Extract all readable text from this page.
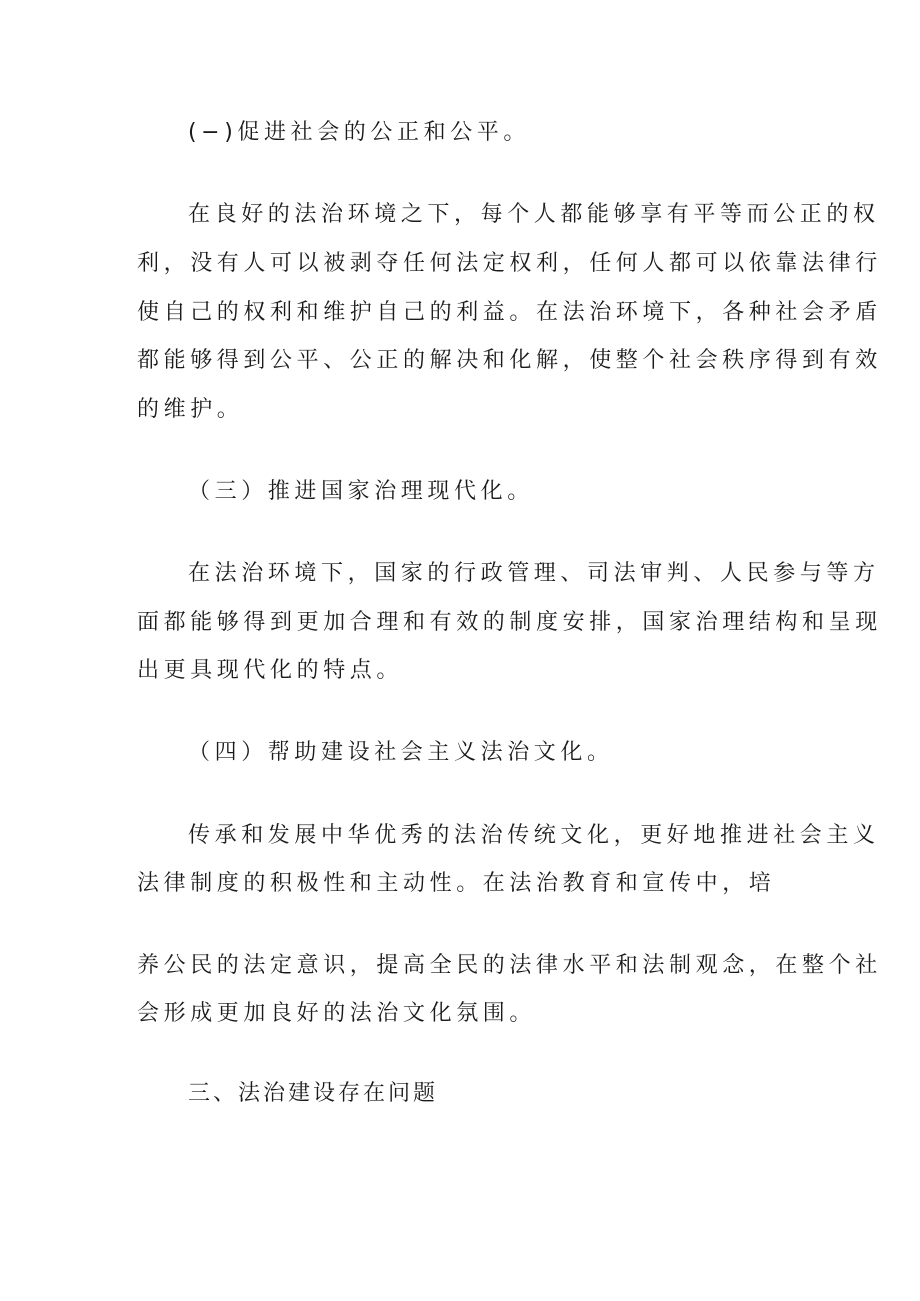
(−)促进社会的公正和公平。
在良好的法治环境之下，每个人都能够享有平等而公正的权
利，没有人可以被剥夺任何法定权利，任何人都可以依靠法律行
使自己的权利和维护自己的利益。在法治环境下，各种社会矛盾
都能够得到公平、公正的解决和化解，使整个社会秩序得到有效
的维护。
（三）推进国家治理现代化。
在法治环境下，国家的行政管理、司法审判、人民参与等方
面都能够得到更加合理和有效的制度安排，国家治理结构和呈现
出更具现代化的特点。
（四）帮助建设社会主义法治文化。
传承和发展中华优秀的法治传统文化，更好地推进社会主义
法律制度的积极性和主动性。在法治教育和宣传中，培
养公民的法定意识，提高全民的法律水平和法制观念，在整个社
会形成更加良好的法治文化氛围。
三、法治建设存在问题
